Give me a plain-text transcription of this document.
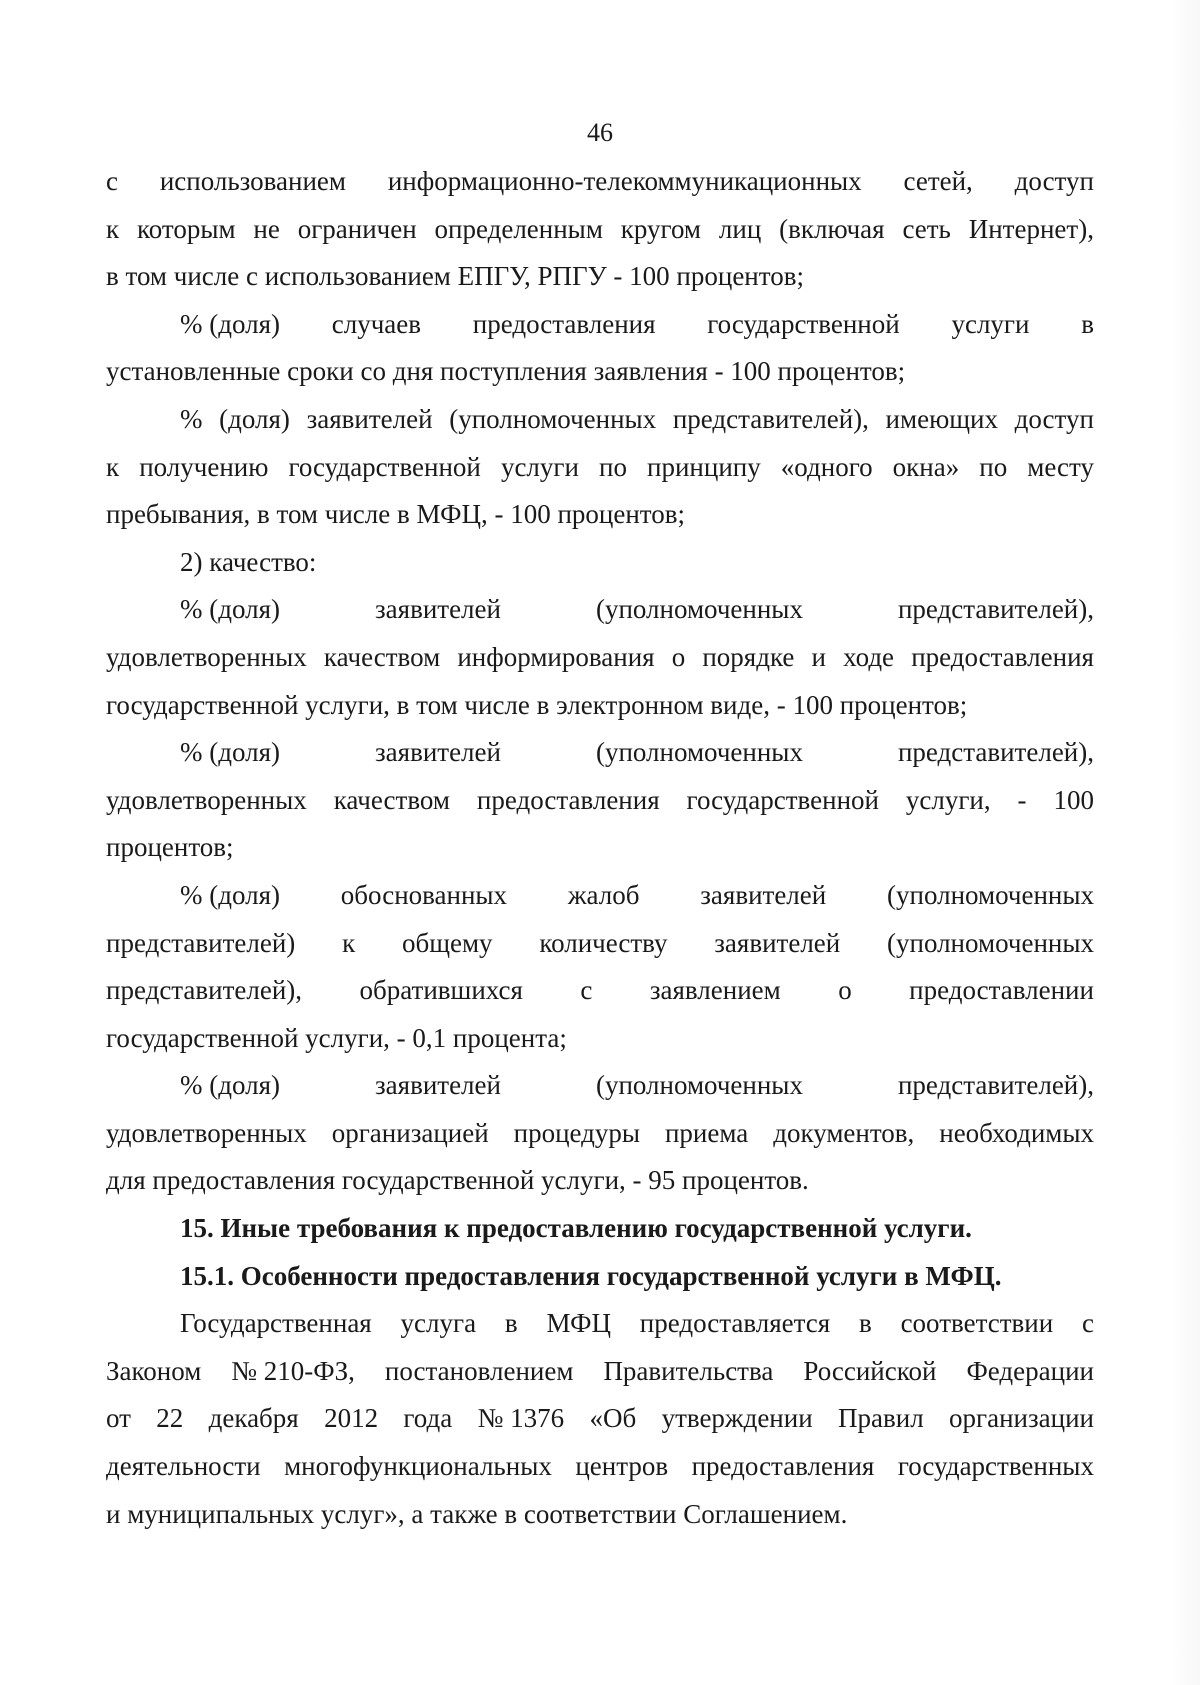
46
с использованием информационно-телекоммуникационных сетей, доступ
к которым не ограничен определенным кругом лиц (включая сеть Интернет),
в том числе с использованием ЕПГУ, РПГУ - 100 процентов;
% (доля) случаев предоставления государственной услуги в
установленные сроки со дня поступления заявления - 100 процентов;
% (доля) заявителей (уполномоченных представителей), имеющих доступ
к получению государственной услуги по принципу «одного окна» по месту
пребывания, в том числе в МФЦ, - 100 процентов;
2) качество:
% (доля)	заявителей	(уполномоченных	представителей),
удовлетворенных качеством информирования о порядке и ходе предоставления
государственной услуги, в том числе в электронном виде, - 100 процентов;
% (доля)	заявителей	(уполномоченных	представителей),
удовлетворенных качеством предоставления государственной услуги, - 100
процентов;
% (доля) обоснованных жалоб заявителей (уполномоченных
представителей) к общему количеству заявителей (уполномоченных
представителей), обратившихся с заявлением о предоставлении
государственной услуги, - 0,1 процента;
% (доля)	заявителей	(уполномоченных	представителей),
удовлетворенных организацией процедуры приема документов, необходимых
для предоставления государственной услуги, - 95 процентов.
15. Иные требования к предоставлению государственной услуги.
15.1. Особенности предоставления государственной услуги в МФЦ.
Государственная услуга в МФЦ предоставляется в соответствии с
Законом № 210-ФЗ, постановлением Правительства Российской Федерации
от 22 декабря 2012 года № 1376 «Об утверждении Правил организации
деятельности многофункциональных центров предоставления государственных
и муниципальных услуг», а также в соответствии Соглашением.
